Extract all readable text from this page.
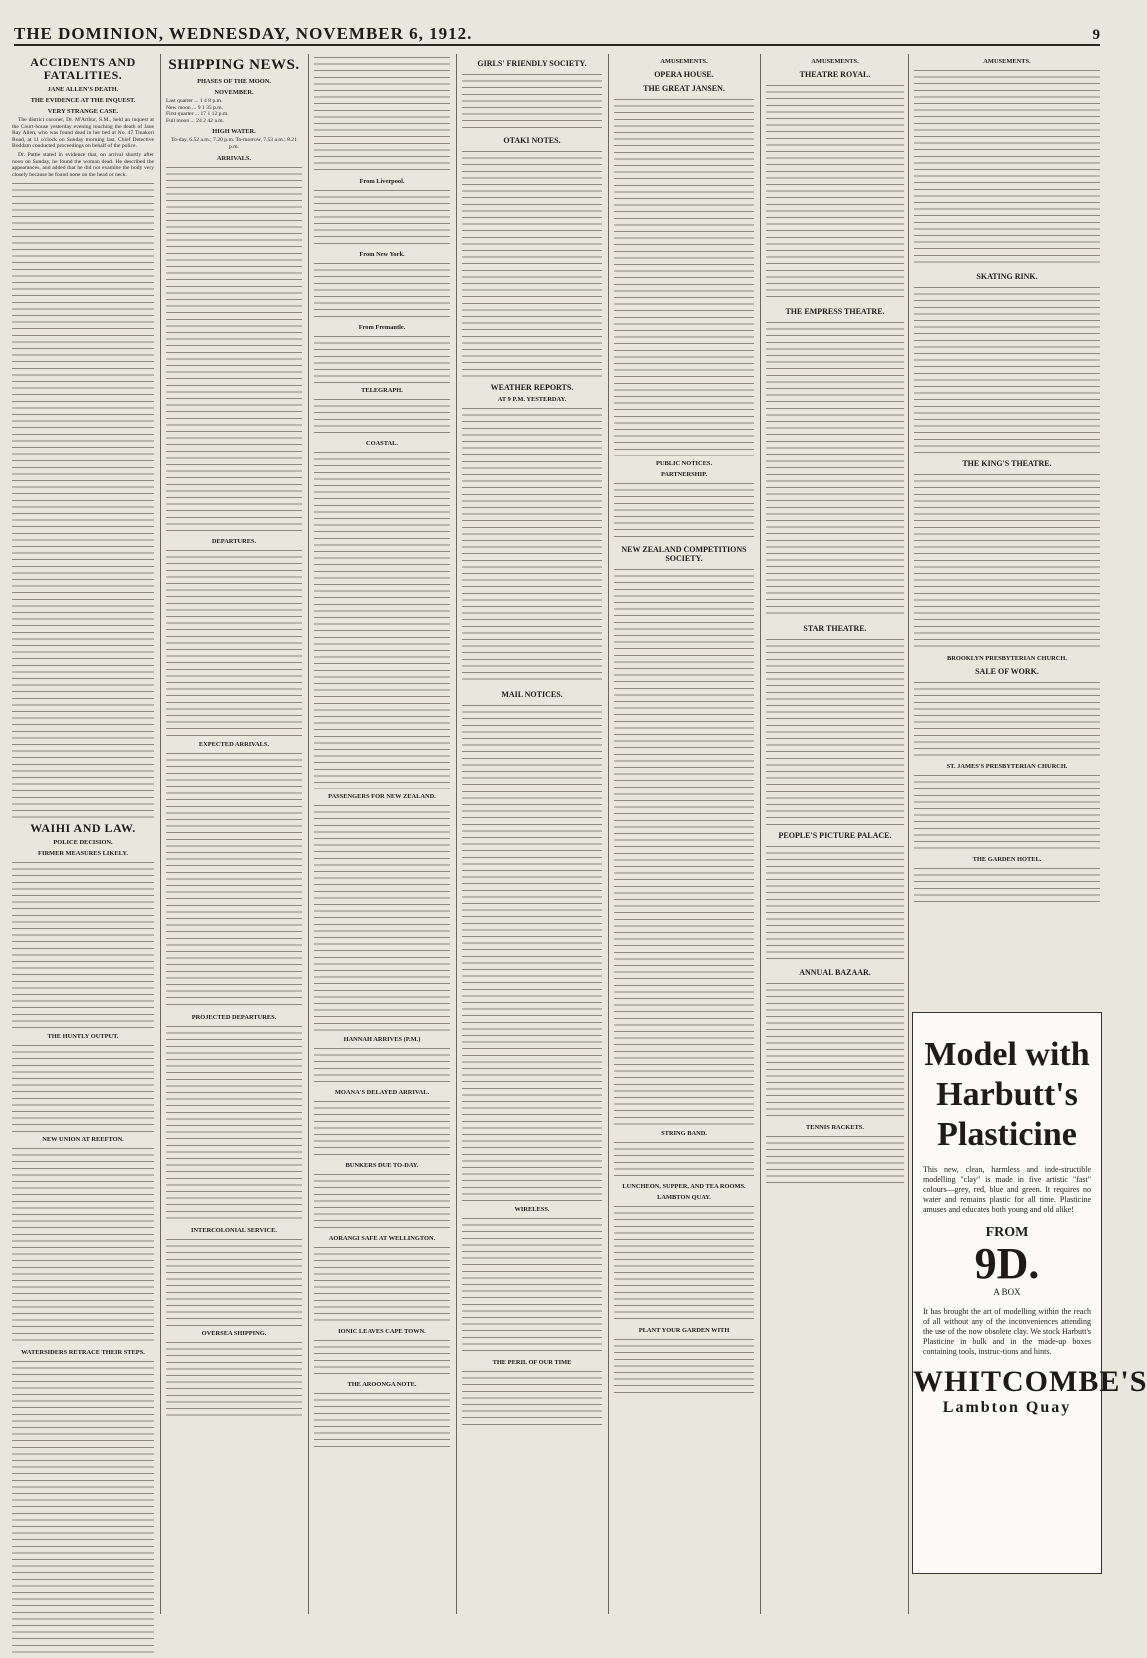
THE DOMINION, WEDNESDAY, NOVEMBER 6, 1912.	9
ACCIDENTS AND FATALITIES.
JANE ALLEN'S DEATH.
THE EVIDENCE AT THE INQUEST.
VERY STRANGE CASE.

The district coroner, Dr. M'Arthur, S.M., held an inquest at the Court-house yesterday evening touching the death of Jane Ray Allen, who was found dead in her bed at No. 47 Tinakori Road, at 11 o'clock on Sunday morning last. Chief Detective Boddam conducted proceedings on behalf of the police.

Dr. Pattie stated in evidence that, on arrival shortly after noon on Sunday, he found the woman dead. He described the appearances, and added that he did not examine the body very closely because he found none on the head or neck.

WAIHI AND LAW.
POLICE DECISION.
FIRMER MEASURES LIKELY.
THE HUNTLY OUTPUT.
NEW UNION AT REEFTON.
WATERSIDERS RETRACE THEIR STEPS.
SHIPPING NEWS.
PHASES OF THE MOON.
NOVEMBER.
Last quarter ... 1 4 8 p.m.
New moon ... 9 1 35 p.m.
First quarter ... 17 1 12 p.m.
Full moon ... 24 2 42 a.m.
HIGH WATER.

To-day, 6.52 a.m.; 7.20 p.m. To-morrow, 7.53 a.m.; 8.21 p.m.

ARRIVALS.
DEPARTURES.
EXPECTED ARRIVALS.
PROJECTED DEPARTURES.
INTERCOLONIAL SERVICE.
OVERSEA SHIPPING.
From Liverpool.
From New York.
From Fremantle.
TELEGRAPH.
COASTAL.
PASSENGERS FOR NEW ZEALAND.
HANNAH ARRIVES (P.M.)
MOANA'S DELAYED ARRIVAL.
BUNKERS DUE TO-DAY.
AORANGI SAFE AT WELLINGTON.
IONIC LEAVES CAPE TOWN.
THE AROONGA NOTE.
GIRLS' FRIENDLY SOCIETY.
OTAKI NOTES.
WEATHER REPORTS.
AT 9 P.M. YESTERDAY.
MAIL NOTICES.
WIRELESS.
THE PERIL OF OUR TIME
AMUSEMENTS.
OPERA HOUSE.
THE GREAT JANSEN.
PUBLIC NOTICES.
PARTNERSHIP.
NEW ZEALAND COMPETITIONS SOCIETY.
STRING BAND.
LUNCHEON, SUPPER, AND TEA ROOMS.
LAMBTON QUAY.
PLANT YOUR GARDEN WITH
AMUSEMENTS.
THEATRE ROYAL.
THE EMPRESS THEATRE.
STAR THEATRE.
PEOPLE'S PICTURE PALACE.
ANNUAL BAZAAR.
TENNIS RACKETS.
AMUSEMENTS.
SKATING RINK.
THE KING'S THEATRE.
BROOKLYN PRESBYTERIAN CHURCH.
SALE OF WORK.
ST. JAMES'S PRESBYTERIAN CHURCH.
THE GARDEN HOTEL.
Model with
Harbutt's
Plasticine
This new, clean, harmless and inde-structible modelling "clay" is made in five artistic "fast" colours—grey, red, blue and green. It requires no water and remains plastic for all time. Plasticine amuses and educates both young and old alike!
FROM
9D.
A BOX
It has brought the art of modelling within the reach of all without any of the inconveniences attending the use of the now obsolete clay. We stock Harbutt's Plasticine in bulk and in the made-up boxes containing tools, instruc-tions and hints.
WHITCOMBE'S
Lambton Quay
